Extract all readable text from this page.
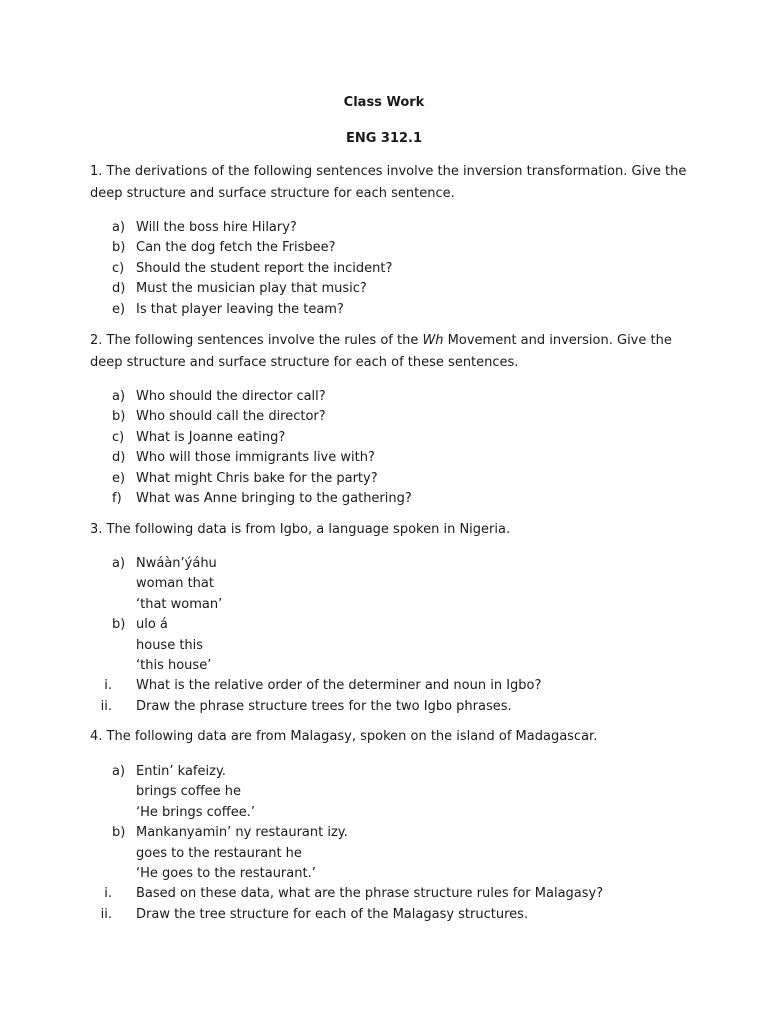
Class Work
ENG 312.1

1. The derivations of the following sentences involve the inversion transformation. Give the deep structure and surface structure for each sentence.

a) Will the boss hire Hilary?
b) Can the dog fetch the Frisbee?
c) Should the student report the incident?
d) Must the musician play that music?
e) Is that player leaving the team?

2. The following sentences involve the rules of the Wh Movement and inversion. Give the deep structure and surface structure for each of these sentences.

a) Who should the director call?
b) Who should call the director?
c) What is Joanne eating?
d) Who will those immigrants live with?
e) What might Chris bake for the party?
f)	What was Anne bringing to the gathering?

3. The following data is from Igbo, a language spoken in Nigeria.

a) Nwáàn’ýáhu
woman that
‘that woman’
b) ulo á
house this
‘this house’
i. What is the relative order of the determiner and noun in Igbo?
ii. Draw the phrase structure trees for the two Igbo phrases.

4. The following data are from Malagasy, spoken on the island of Madagascar.

a) Entin’ kafeizy.
brings coffee he
‘He brings coffee.’
b) Mankanyamin’ ny restaurant izy.
goes to the restaurant he
‘He goes to the restaurant.’
i. Based on these data, what are the phrase structure rules for Malagasy?
ii. Draw the tree structure for each of the Malagasy structures.
